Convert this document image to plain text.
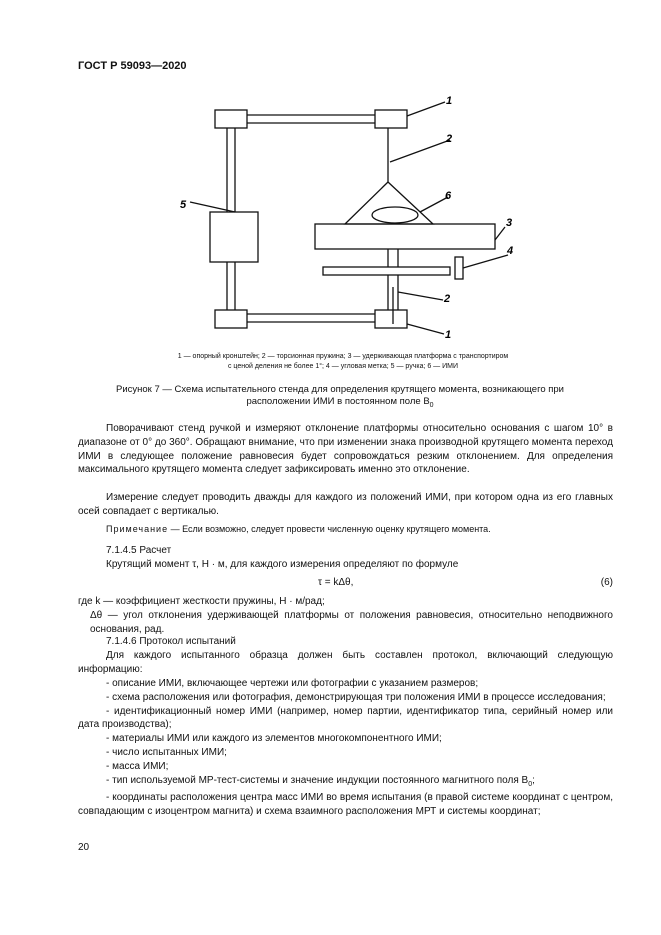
ГОСТ Р 59093—2020
1
2
6
3
4
5
2
1
1 — опорный кронштейн; 2 — торсионная пружина; 3 — удерживающая платформа с транспортиром
с ценой деления не более 1°; 4 — угловая метка; 5 — ручка; 6 — ИМИ
Рисунок 7 — Схема испытательного стенда для определения крутящего момента, возникающего при
расположении ИМИ в постоянном поле $B_0$
Поворачивают стенд ручкой и измеряют отклонение платформы относительно основания с шагом 10° в диапазоне от 0° до 360°. Обращают внимание, что при изменении знака производной крутящего момента переход ИМИ в следующее положение равновесия будет сопровождаться резким отклонением. Для определения максимального крутящего момента следует зафиксировать именно это отклонение.
Измерение следует проводить дважды для каждого из положений ИМИ, при котором одна из его главных осей совпадает с вертикалью.
Примечание — Если возможно, следует провести численную оценку крутящего момента.
7.1.4.5 Расчет
Крутящий момент τ, Н · м, для каждого измерения определяют по формуле
τ = kΔθ,	(6)
где k — коэффициент жесткости пружины, Н · м/рад;
Δθ — угол отклонения удерживающей платформы от положения равновесия, относительно неподвижного основания, рад.
7.1.4.6 Протокол испытаний
Для каждого испытанного образца должен быть составлен протокол, включающий следующую информацию:
- описание ИМИ, включающее чертежи или фотографии с указанием размеров;
- схема расположения или фотография, демонстрирующая три положения ИМИ в процессе исследования;
- идентификационный номер ИМИ (например, номер партии, идентификатор типа, серийный номер или дата производства);
- материалы ИМИ или каждого из элементов многокомпонентного ИМИ;
- число испытанных ИМИ;
- масса ИМИ;
- тип используемой МР-тест-системы и значение индукции постоянного магнитного поля $B_0$;
- координаты расположения центра масс ИМИ во время испытания (в правой системе координат с центром, совпадающим с изоцентром магнита) и схема взаимного расположения МРТ и системы координат;
20
